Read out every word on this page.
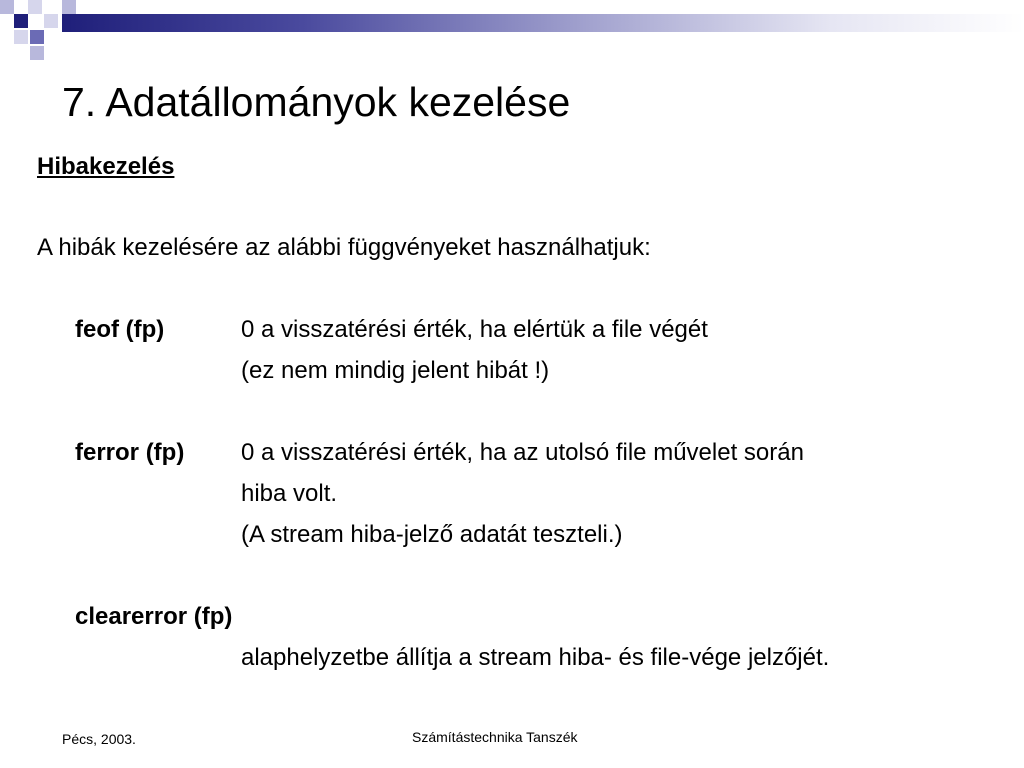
7. Adatállományok kezelése
Hibakezelés
A hibák kezelésére az alábbi függvényeket használhatjuk:
feof (fp)	0 a visszatérési érték, ha elértük a file végét
(ez nem mindig jelent hibát !)
ferror (fp) 0 a visszatérési érték, ha az utolsó file művelet során
hiba volt.
(A stream hiba-jelző adatát teszteli.)
clearerror (fp)
alaphelyzetbe állítja a stream hiba- és file-vége jelzőjét.
Pécs, 2003.	Számítástechnika Tanszék
